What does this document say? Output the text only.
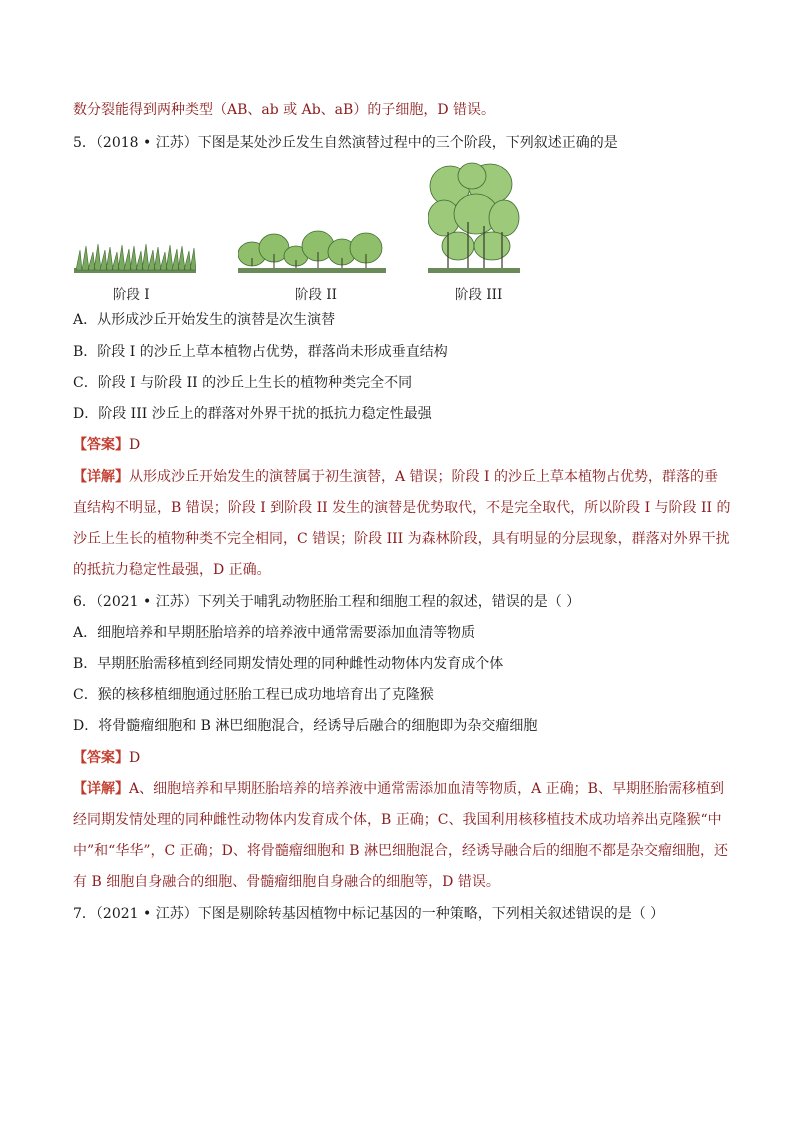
数分裂能得到两种类型（AB、ab 或 Ab、aB）的子细胞，D 错误。
5．（2018 • 江苏）下图是某处沙丘发生自然演替过程中的三个阶段，下列叙述正确的是
阶段 I	阶段 II	阶段 III
A．从形成沙丘开始发生的演替是次生演替
B．阶段 I 的沙丘上草本植物占优势，群落尚未形成垂直结构
C．阶段 I 与阶段 II 的沙丘上生长的植物种类完全不同
D．阶段 III 沙丘上的群落对外界干扰的抵抗力稳定性最强
【答案】D
【详解】从形成沙丘开始发生的演替属于初生演替，A 错误；阶段 I 的沙丘上草本植物占优势，群落的垂
直结构不明显，B 错误；阶段 I 到阶段 II 发生的演替是优势取代，不是完全取代，所以阶段 I 与阶段 II 的
沙丘上生长的植物种类不完全相同，C 错误；阶段 III 为森林阶段，具有明显的分层现象，群落对外界干扰
的抵抗力稳定性最强，D 正确。
6．（2021 • 江苏）下列关于哺乳动物胚胎工程和细胞工程的叙述，错误的是（ ）
A．细胞培养和早期胚胎培养的培养液中通常需要添加血清等物质
B．早期胚胎需移植到经同期发情处理的同种雌性动物体内发育成个体
C．猴的核移植细胞通过胚胎工程已成功地培育出了克隆猴
D．将骨髓瘤细胞和 B 淋巴细胞混合，经诱导后融合的细胞即为杂交瘤细胞
【答案】D
【详解】A、细胞培养和早期胚胎培养的培养液中通常需添加血清等物质，A 正确；B、早期胚胎需移植到
经同期发情处理的同种雌性动物体内发育成个体，B 正确；C、我国利用核移植技术成功培养出克隆猴“中
中”和“华华”，C 正确；D、将骨髓瘤细胞和 B 淋巴细胞混合，经诱导融合后的细胞不都是杂交瘤细胞，还
有 B 细胞自身融合的细胞、骨髓瘤细胞自身融合的细胞等，D 错误。
7．（2021 • 江苏）下图是剔除转基因植物中标记基因的一种策略，下列相关叙述错误的是（ ）
